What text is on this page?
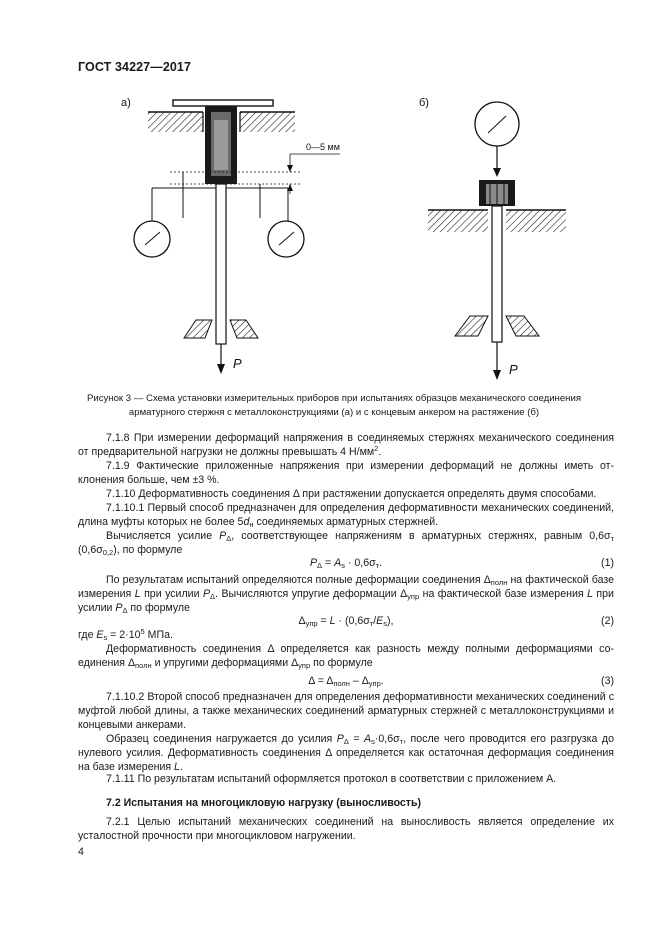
ГОСТ 34227—2017
а)
0—5 мм
P
б)
P
Рисунок 3 — Схема установки измерительных приборов при испытаниях образцов механического соединения
арматурного стержня с металлоконструкциями (а) и с концевым анкером на растяжение (б)
7.1.8 При измерении деформаций напряжения в соединяемых стержнях механического соединения от предварительной нагрузки не должны превышать 4 $Н/мм^2$.
7.1.9 Фактические приложенные напряжения при измерении деформаций не должны иметь отклонения больше, чем ±3 %.
7.1.10 Деформативность соединения Δ при растяжении допускается определять двумя способами.
7.1.10.1 Первый способ предназначен для определения деформативности механических соединений, длина муфты которых не более $5d_н$ соединяемых арматурных стержней.
Вычисляется усилие $P_\Delta$, соответствующее напряжениям в арматурных стержнях, равным $0,6\sigma_т$ $(0,6\sigma_{0,2})$, по формуле
$P_\Delta = A_s \cdot 0,6\sigma_т$.	(1)
По результатам испытаний определяются полные деформации соединения $\Delta_{полн}$ на фактической базе измерения L при усилии $P_\Delta$. Вычисляются упругие деформации $\Delta_{упр}$ на фактической базе измерения L при усилии $P_\Delta$ по формуле
$\Delta_{упр} = L \cdot (0,6\sigma_т/E_s)$,	(2)
где $E_s = 2\cdot 10^5$ МПа.
Деформативность соединения Δ определяется как разность между полными деформациями соединения $\Delta_{полн}$ и упругими деформациями $\Delta_{упр}$ по формуле
$\Delta = \Delta_{полн} - \Delta_{упр}$.	(3)
7.1.10.2 Второй способ предназначен для определения деформативности механических соединений с муфтой любой длины, а также механических соединений арматурных стержней с металлоконструкциями и концевыми анкерами.
Образец соединения нагружается до усилия $P_\Delta = A_s\cdot 0,6\sigma_т$, после чего проводится его разгрузка до нулевого усилия. Деформативность соединения Δ определяется как остаточная деформация соединения на базе измерения L.
7.1.11 По результатам испытаний оформляется протокол в соответствии с приложением А.
7.2 Испытания на многоцикловую нагрузку (выносливость)
7.2.1 Целью испытаний механических соединений на выносливость является определение их усталостной прочности при многоцикловом нагружении.
4
